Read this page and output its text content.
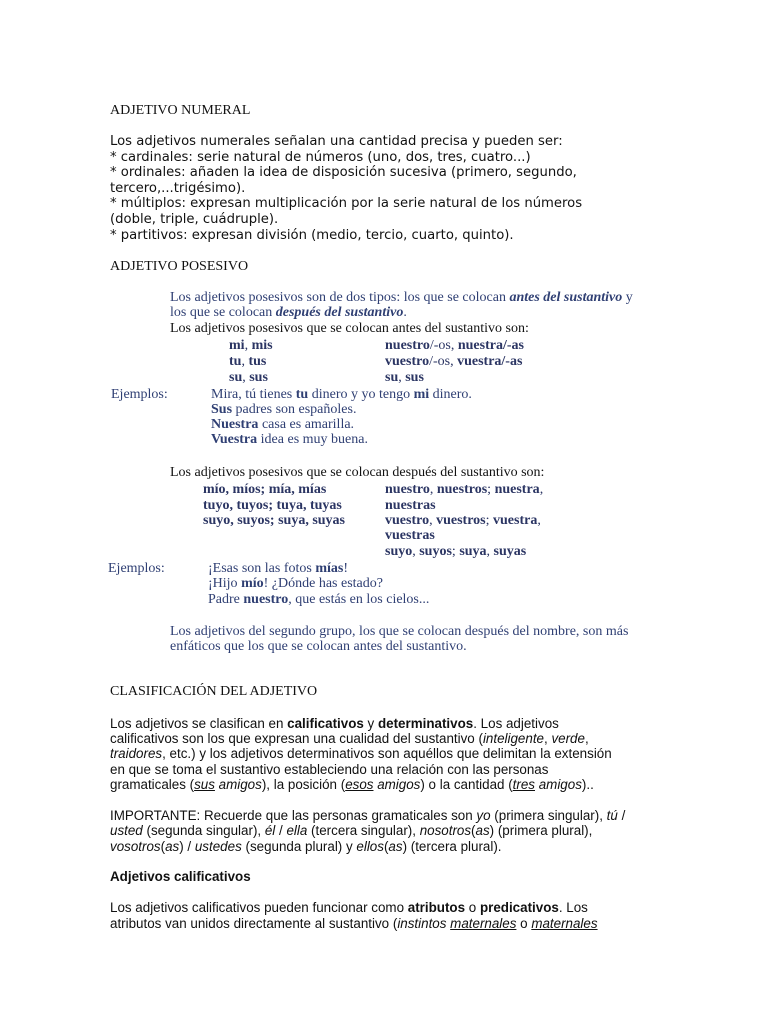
ADJETIVO NUMERAL
Los adjetivos numerales señalan una cantidad precisa y pueden ser:
* cardinales: serie natural de números (uno, dos, tres, cuatro...)
* ordinales: añaden la idea de disposición sucesiva (primero, segundo,
tercero,...trigésimo).
* múltiplos: expresan multiplicación por la serie natural de los números
(doble, triple, cuádruple).
* partitivos: expresan división (medio, tercio, cuarto, quinto).
ADJETIVO POSESIVO
Los adjetivos posesivos son de dos tipos: los que se colocan antes del sustantivo y
los que se colocan después del sustantivo.
Los adjetivos posesivos que se colocan antes del sustantivo son:
mi, mis
tu, tus
su, sus
nuestro/-os, nuestra/-as
vuestro/-os, vuestra/-as
su, sus
Ejemplos:	Mira, tú tienes tu dinero y yo tengo mi dinero.
Sus padres son españoles.
Nuestra casa es amarilla.
Vuestra idea es muy buena.
Los adjetivos posesivos que se colocan después del sustantivo son:
mío, míos; mía, mías
tuyo, tuyos; tuya, tuyas
suyo, suyos; suya, suyas
nuestro, nuestros; nuestra,
nuestras
vuestro, vuestros; vuestra,
vuestras
suyo, suyos; suya, suyas
Ejemplos:	¡Esas son las fotos mías!
¡Hijo mío! ¿Dónde has estado?
Padre nuestro, que estás en los cielos...
Los adjetivos del segundo grupo, los que se colocan después del nombre, son más
enfáticos que los que se colocan antes del sustantivo.
CLASIFICACIÓN DEL ADJETIVO
Los adjetivos se clasifican en calificativos y determinativos. Los adjetivos
calificativos son los que expresan una cualidad del sustantivo (inteligente, verde,
traidores, etc.) y los adjetivos determinativos son aquéllos que delimitan la extensión
en que se toma el sustantivo estableciendo una relación con las personas
gramaticales (sus amigos), la posición (esos amigos) o la cantidad (tres amigos)..
IMPORTANTE: Recuerde que las personas gramaticales son yo (primera singular), tú /
usted (segunda singular), él / ella (tercera singular), nosotros(as) (primera plural),
vosotros(as) / ustedes (segunda plural) y ellos(as) (tercera plural).
Adjetivos calificativos
Los adjetivos calificativos pueden funcionar como atributos o predicativos. Los
atributos van unidos directamente al sustantivo (instintos maternales o maternales
